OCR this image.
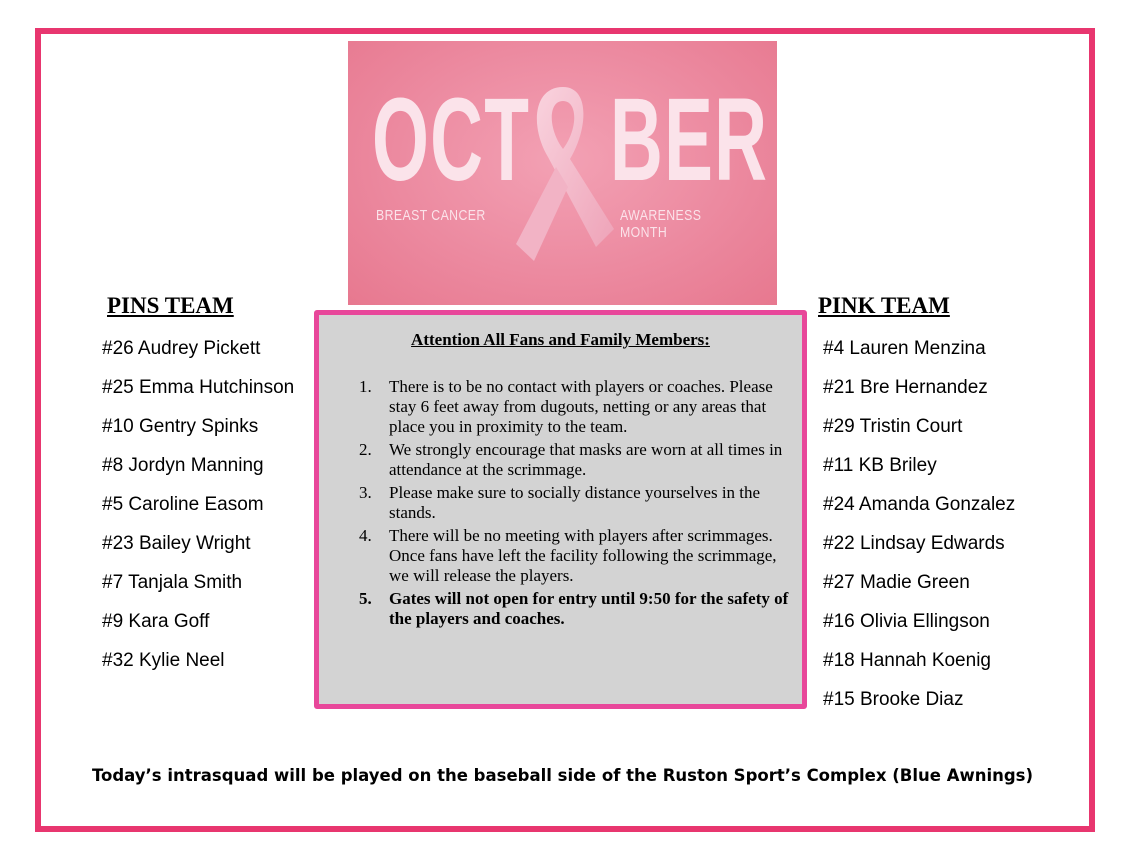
OCT BER
BREAST CANCER	AWARENESS MONTH
PINS TEAM
#26 Audrey Pickett
#25 Emma Hutchinson
#10 Gentry Spinks
#8 Jordyn Manning
#5 Caroline Easom
#23 Bailey Wright
#7 Tanjala Smith
#9 Kara Goff
#32 Kylie Neel
PINK TEAM
#4 Lauren Menzina
#21 Bre Hernandez
#29 Tristin Court
#11 KB Briley
#24 Amanda Gonzalez
#22 Lindsay Edwards
#27 Madie Green
#16 Olivia Ellingson
#18 Hannah Koenig
#15 Brooke Diaz
Attention All Fans and Family Members:
1. There is to be no contact with players or coaches. Please stay 6 feet away from dugouts, netting or any areas that place you in proximity to the team.
2. We strongly encourage that masks are worn at all times in attendance at the scrimmage.
3. Please make sure to socially distance yourselves in the stands.
4. There will be no meeting with players after scrimmages. Once fans have left the facility following the scrimmage, we will release the players.
5. Gates will not open for entry until 9:50 for the safety of the players and coaches.
Today’s intrasquad will be played on the baseball side of the Ruston Sport’s Complex (Blue Awnings)
